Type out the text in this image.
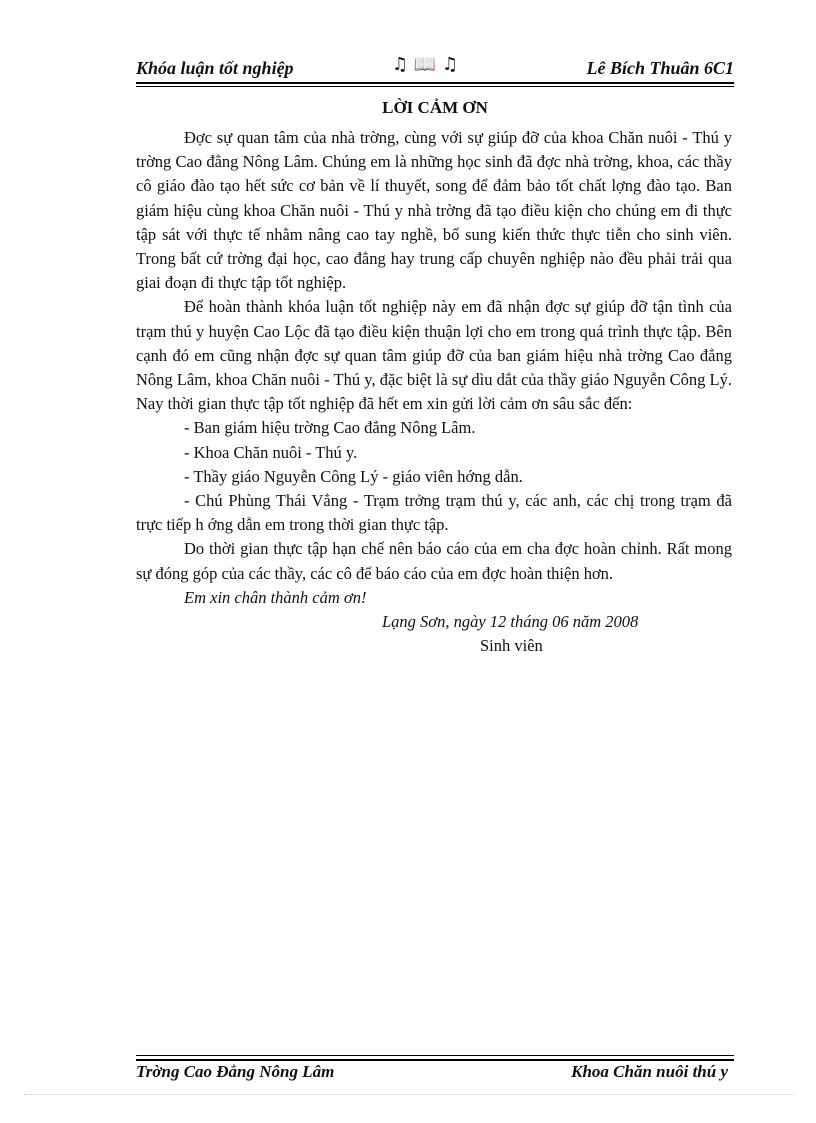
Khóa luận tốt nghiệp	♫ 📖 ♫	Lê Bích Thuân 6C1
LỜI CẢM ƠN

Đợc sự quan tâm của nhà trờng, cùng với sự giúp đỡ của khoa Chăn nuôi - Thú y trờng Cao đẳng Nông Lâm. Chúng em là những học sinh đã đợc nhà trờng, khoa, các thầy cô giáo đào tạo hết sức cơ bản về lí thuyết, song để đảm bảo tốt chất lợng đào tạo. Ban giám hiệu cùng khoa Chăn nuôi - Thú y nhà trờng đã tạo điều kiện cho chúng em đi thực tập sát với thực tế nhằm nâng cao tay nghề, bổ sung kiến thức thực tiễn cho sinh viên. Trong bất cứ trờng đại học, cao đẳng hay trung cấp chuyên nghiệp nào đều phải trải qua giai đoạn đi thực tập tốt nghiệp.

Để hoàn thành khóa luận tốt nghiệp này em đã nhận đợc sự giúp đỡ tận tình của trạm thú y huyện Cao Lộc đã tạo điều kiện thuận lợi cho em trong quá trình thực tập. Bên cạnh đó em cũng nhận đợc sự quan tâm giúp đỡ của ban giám hiệu nhà trờng Cao đẳng Nông Lâm, khoa Chăn nuôi - Thú y, đặc biệt là sự dìu dắt của thầy giáo Nguyễn Công Lý. Nay thời gian thực tập tốt nghiệp đã hết em xin gửi lời cảm ơn sâu sắc đến:

- Ban giám hiệu trờng Cao đẳng Nông Lâm.

- Khoa Chăn nuôi - Thú y.

- Thầy giáo Nguyễn Công Lý - giáo viên hớng dẫn.

- Chú Phùng Thái Vẳng - Trạm trởng trạm thú y, các anh, các chị trong trạm đã trực tiếp h ớng dẫn em trong thời gian thực tập.

Do thời gian thực tập hạn chế nên báo cáo của em cha đợc hoàn chỉnh. Rất mong sự đóng góp của các thầy, các cô để báo cáo của em đợc hoàn thiện hơn.

Em xin chân thành cảm ơn!

Lạng Sơn, ngày 12 tháng 06 năm 2008

Sinh viên

Trờng Cao Đẳng Nông Lâm	Khoa Chăn nuôi thú y
